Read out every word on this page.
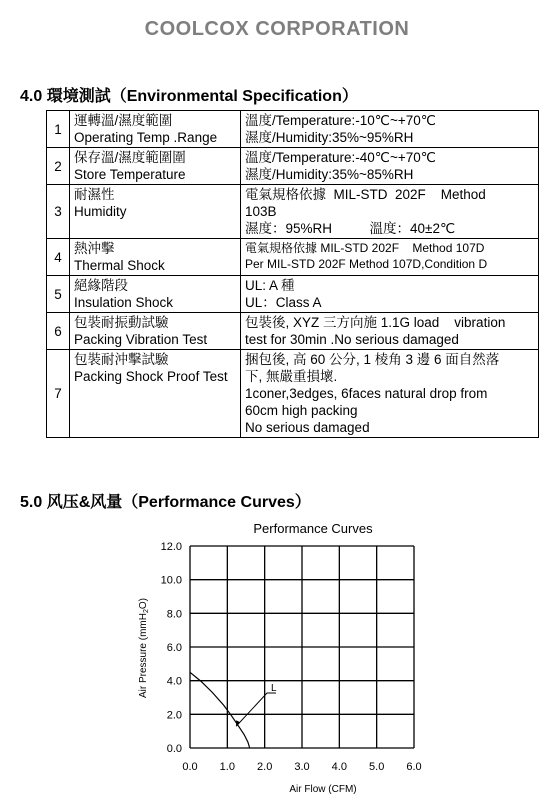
COOLCOX CORPORATION
4.0 環境測試（Environmental Specification）
1	運轉溫/濕度範圍
Operating Temp .Range	溫度/Temperature:-10℃~+70℃
濕度/Humidity:35%~95%RH

2	保存溫/濕度範圍圍
Store Temperature	溫度/Temperature:-40℃~+70℃
濕度/Humidity:35%~85%RH

3	耐濕性
Humidity	電氣規格依據  MIL-STD  202F    Method
103B
濕度：95%RH          溫度：40±2℃

4	熱沖擊
Thermal Shock	電氣規格依據 MIL-STD 202F    Method 107D
Per MIL-STD 202F Method 107D,Condition D

5	絕緣階段
Insulation Shock	UL: A 種
UL：Class A

6	包裝耐振動試驗
Packing Vibration Test	包裝後, XYZ 三方向施 1.1G load    vibration
test for 30min .No serious damaged

7	包裝耐沖擊試驗
Packing Shock Proof Test	捆包後, 高 60 公分, 1 棱角 3 邊 6 面自然落
下, 無嚴重損壞.
1coner,3edges, 6faces natural drop from
60cm high packing
No serious damaged
5.0 风压&风量（Performance Curves）
0.0 1.0 2.0 3.0 4.0 5.0 6.0
0.0
2.0
4.0
6.0
8.0
10.0
12.0
Performance Curves
Air Flow (CFM)
Air Pressure (mmH$_2$O)
L
